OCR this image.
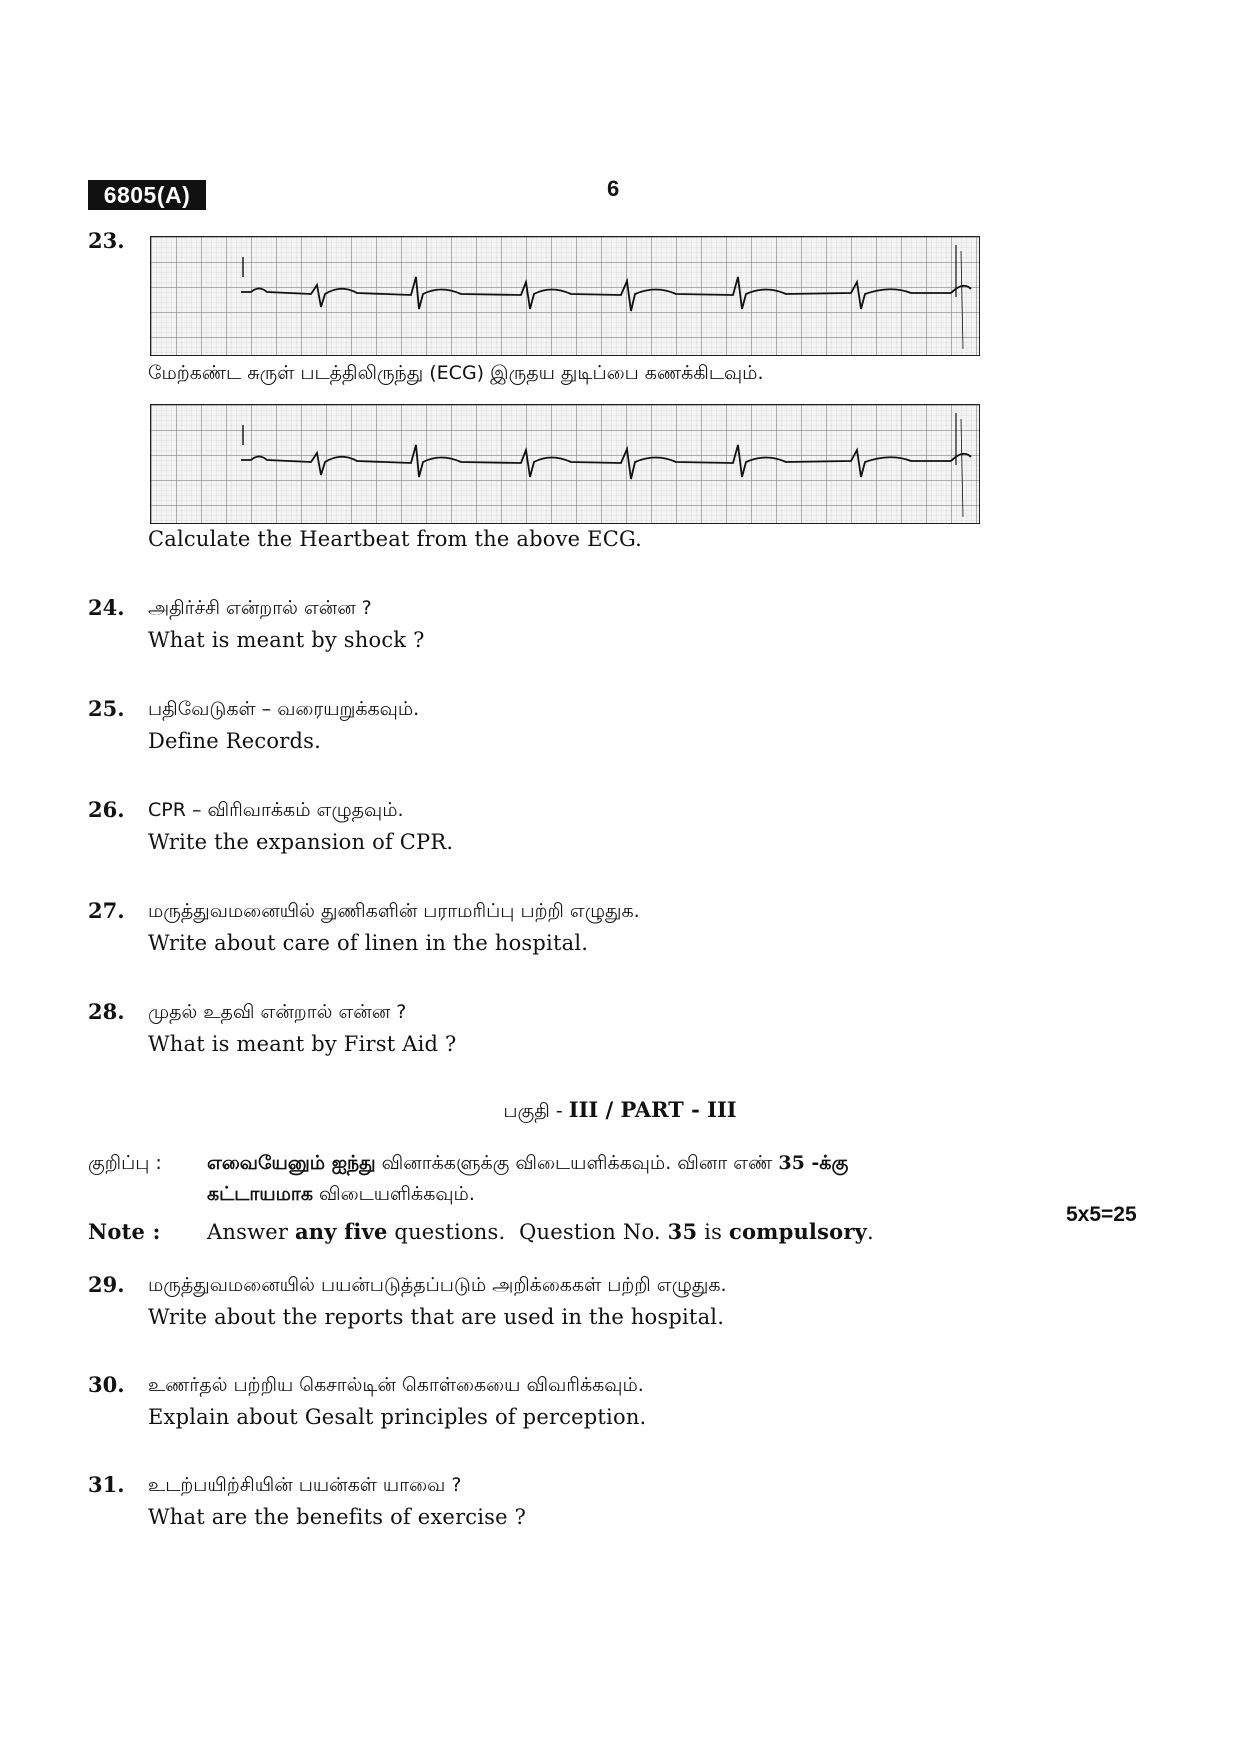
6805(A)	6
23.
மேற்கண்ட சுருள் படத்திலிருந்து (ECG) இருதய துடிப்பை கணக்கிடவும்.
Calculate the Heartbeat from the above ECG.
24. அதிர்ச்சி என்றால் என்ன ?
What is meant by shock ?
25. பதிவேடுகள் – வரையறுக்கவும்.
Define Records.
26. CPR – விரிவாக்கம் எழுதவும்.
Write the expansion of CPR.
27. மருத்துவமனையில் துணிகளின் பராமரிப்பு பற்றி எழுதுக.
Write about care of linen in the hospital.
28. முதல் உதவி என்றால் என்ன ?
What is meant by First Aid ?
பகுதி - III / PART - III
குறிப்பு : எவையேனும் ஐந்து வினாக்களுக்கு விடையளிக்கவும். வினா எண் 35 -க்கு
கட்டாயமாக விடையளிக்கவும்.
5x5=25
Note : Answer any five questions.  Question No. 35 is compulsory.
29. மருத்துவமனையில் பயன்படுத்தப்படும் அறிக்கைகள் பற்றி எழுதுக.
Write about the reports that are used in the hospital.
30. உணர்தல் பற்றிய கெசால்டின் கொள்கையை விவரிக்கவும்.
Explain about Gesalt principles of perception.
31. உடற்பயிற்சியின் பயன்கள் யாவை ?
What are the benefits of exercise ?
